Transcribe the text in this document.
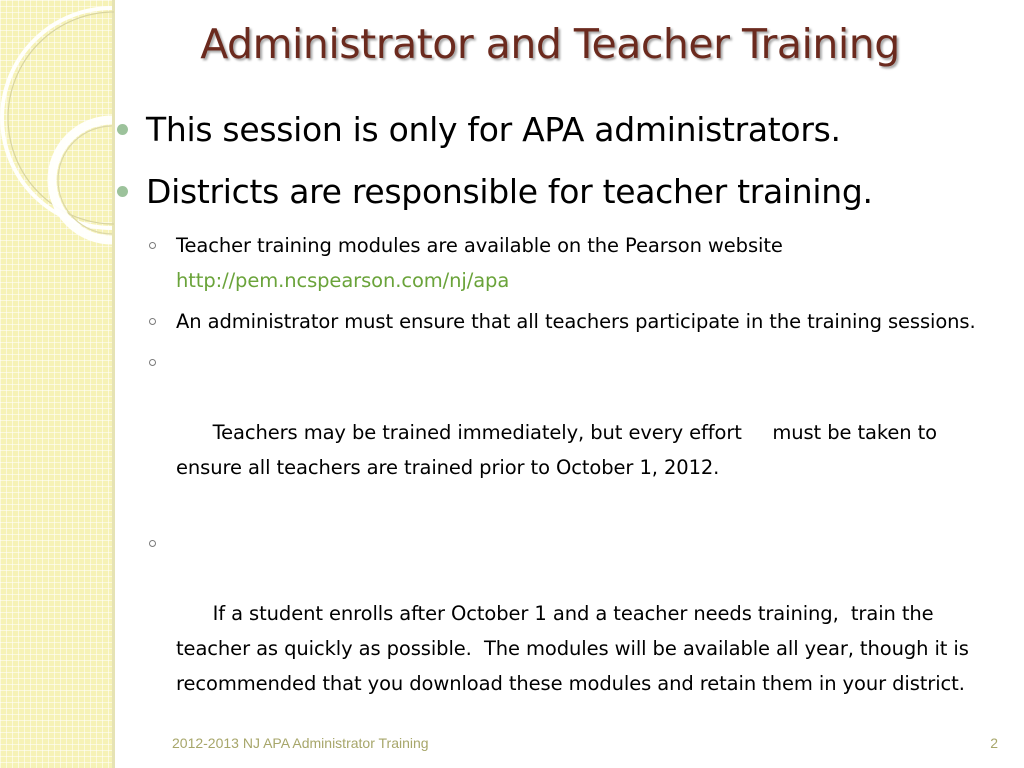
Administrator and Teacher Training
This session is only for APA administrators.
Districts are responsible for teacher training.
Teacher training modules are available on the Pearson website
http://pem.ncspearson.com/nj/apa
An administrator must ensure that all teachers participate in the training sessions.

Teachers may be trained immediately, but every effort     must be taken to ensure all teachers are trained prior to October 1, 2012.

If a student enrolls after October 1 and a teacher needs training,  train the teacher as quickly as possible.  The modules will be available all year, though it is recommended that you download these modules and retain them in your district.

2012-2013 NJ APA Administrator Training	2
